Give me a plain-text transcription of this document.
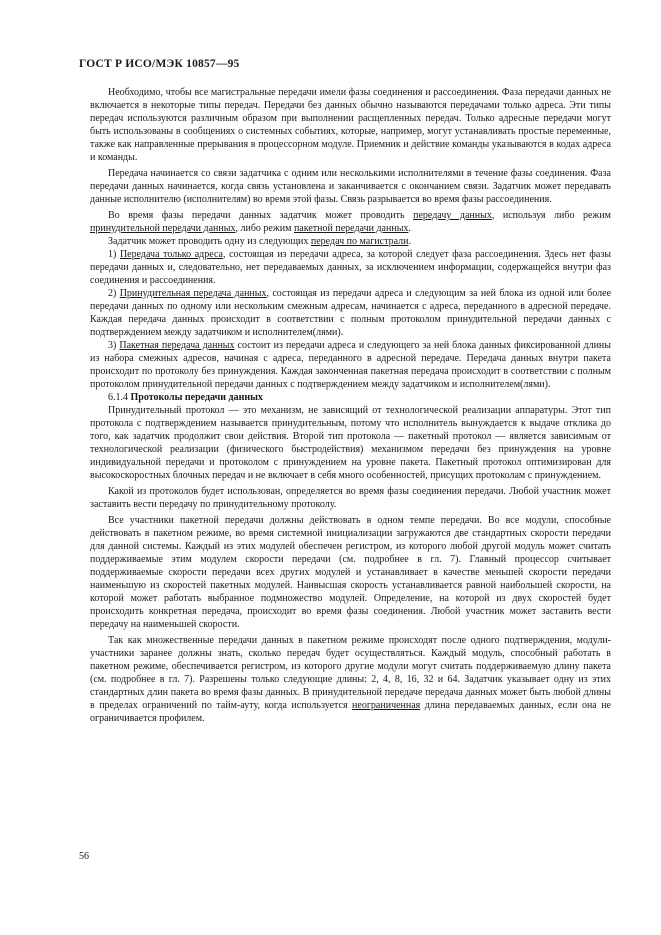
ГОСТ Р ИСО/МЭК 10857—95

Необходимо, чтобы все магистральные передачи имели фазы соединения и рассоединения. Фаза передачи данных не включается в некоторые типы передач. Передачи без данных обычно называются передачами только адреса. Эти типы передач используются различным образом при выполнении расщепленных передач. Только адресные передачи могут быть использованы в сообщениях о системных событиях, которые, например, могут устанавливать простые переменные, также как направленные прерывания в процессорном модуле. Приемник и действие команды указываются в кодах адреса и команды.

Передача начинается со связи задатчика с одним или несколькими исполнителями в течение фазы соединения. Фаза передачи данных начинается, когда связь установлена и заканчивается с окончанием связи. Задатчик может передавать данные исполнителю (исполнителям) во время этой фазы. Связь разрывается во время фазы рассоединения.

Во время фазы передачи данных задатчик может проводить передачу данных, используя либо режим принудительной передачи данных, либо режим пакетной передачи данных.

Задатчик может проводить одну из следующих передач по магистрали.

1) Передача только адреса, состоящая из передачи адреса, за которой следует фаза рассоединения. Здесь нет фазы передачи данных и, следовательно, нет передаваемых данных, за исключением информации, содержащейся внутри фаз соединения и рассоединения.

2) Принудительная передача данных, состоящая из передачи адреса и следующим за ней блока из одной или более передачи данных по одному или нескольким смежным адресам, начинается с адреса, переданного в адресной передаче. Каждая передача данных происходит в соответствии с полным протоколом принудительной передачи данных с подтверждением между задатчиком и исполнителем(лями).

3) Пакетная передача данных состоит из передачи адреса и следующего за ней блока данных фиксированной длины из набора смежных адресов, начиная с адреса, переданного в адресной передаче. Передача данных внутри пакета происходит по протоколу без принуждения. Каждая законченная пакетная передача происходит в соответствии с полным протоколом принудительной передачи данных с подтверждением между задатчиком и исполнителем(лями).

6.1.4 Протоколы передачи данных

Принудительный протокол — это механизм, не зависящий от технологической реализации аппаратуры. Этот тип протокола с подтверждением называется принудительным, потому что исполнитель вынуждается к выдаче отклика до того, как задатчик продолжит свои действия. Второй тип протокола — пакетный протокол — является зависимым от технологической реализации (физического быстродействия) механизмом передачи без принуждения на уровне индивидуальной передачи и протоколом с принуждением на уровне пакета. Пакетный протокол оптимизирован для высокоскоростных блочных передач и не включает в себя много особенностей, присущих протоколам с принуждением.

Какой из протоколов будет использован, определяется во время фазы соединения передачи. Любой участник может заставить вести передачу по принудительному протоколу.

Все участники пакетной передачи должны действовать в одном темпе передачи. Во все модули, способные действовать в пакетном режиме, во время системной инициализации загружаются две стандартных скорости передачи для данной системы. Каждый из этих модулей обеспечен регистром, из которого любой другой модуль может считать поддерживаемые этим модулем скорости передачи (см. подробнее в гл. 7). Главный процессор считывает поддерживаемые скорости передачи всех других модулей и устанавливает в качестве меньшей скорости передачи наименьшую из скоростей пакетных модулей. Наивысшая скорость устанавливается равной наибольшей скорости, на которой может работать выбранное подмножество модулей. Определение, на которой из двух скоростей будет происходить конкретная передача, происходит во время фазы соединения. Любой участник может заставить вести передачу на наименьшей скорости.

Так как множественные передачи данных в пакетном режиме происходят после одного подтверждения, модули-участники заранее должны знать, сколько передач будет осуществляться. Каждый модуль, способный работать в пакетном режиме, обеспечивается регистром, из которого другие модули могут считать поддерживаемую длину пакета (см. подробнее в гл. 7). Разрешены только следующие длины: 2, 4, 8, 16, 32 и 64. Задатчик указывает одну из этих стандартных длин пакета во время фазы данных. В принудительной передаче передача данных может быть любой длины в пределах ограничений по тайм-ауту, когда используется неограниченная длина передаваемых данных, если она не ограничивается профилем.

56
